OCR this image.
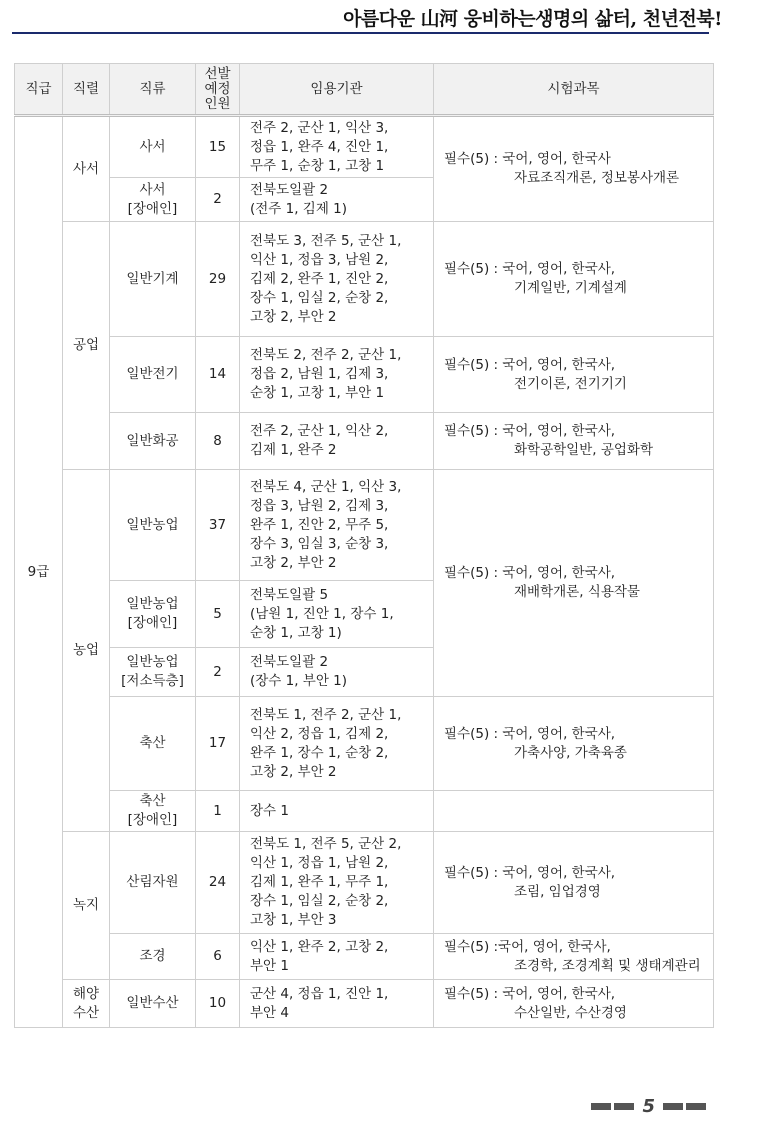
아름다운 山河 웅비하는생명의 삶터, 천년전북!
직급	직렬	직류	선발
예정
인원	임용기관	시험과목
9급	사서	사서	15	전주 2, 군산 1, 익산 3,
정읍 1, 완주 4, 진안 1,
무주 1, 순창 1, 고창 1	필수(5) : 국어, 영어, 한국사
자료조직개론, 정보봉사개론

		사서
[장애인]	2	전북도일괄 2
(전주 1, 김제 1)	
	공업	일반기계	29	전북도 3, 전주 5, 군산 1,
익산 1, 정읍 3, 남원 2,
김제 2, 완주 1, 진안 2,
장수 1, 임실 2, 순창 2,
고창 2, 부안 2	필수(5) : 국어, 영어, 한국사,
기계일반, 기계설계

		일반전기	14	전북도 2, 전주 2, 군산 1,
정읍 2, 남원 1, 김제 3,
순창 1, 고창 1, 부안 1	필수(5) : 국어, 영어, 한국사,
전기이론, 전기기기

		일반화공	8	전주 2, 군산 1, 익산 2,
김제 1, 완주 2	필수(5) : 국어, 영어, 한국사,
화학공학일반, 공업화학

	농업	일반농업	37	전북도 4, 군산 1, 익산 3,
정읍 3, 남원 2, 김제 3,
완주 1, 진안 2, 무주 5,
장수 3, 임실 3, 순창 3,
고창 2, 부안 2	필수(5) : 국어, 영어, 한국사,
재배학개론, 식용작물

		일반농업
[장애인]	5	전북도일괄 5
(남원 1, 진안 1, 장수 1,
순창 1, 고창 1)	
		일반농업
[저소득층]	2	전북도일괄 2
(장수 1, 부안 1)	
		축산	17	전북도 1, 전주 2, 군산 1,
익산 2, 정읍 1, 김제 2,
완주 1, 장수 1, 순창 2,
고창 2, 부안 2	필수(5) : 국어, 영어, 한국사,
가축사양, 가축육종

		축산
[장애인]	1	장수 1	
	녹지	산림자원	24	전북도 1, 전주 5, 군산 2,
익산 1, 정읍 1, 남원 2,
김제 1, 완주 1, 무주 1,
장수 1, 임실 2, 순창 2,
고창 1, 부안 3	필수(5) : 국어, 영어, 한국사,
조림, 임업경영

		조경	6	익산 1, 완주 2, 고창 2,
부안 1	필수(5) :국어, 영어, 한국사,
조경학, 조경계획 및 생태계관리

	해양
수산	일반수산	10	군산 4, 정읍 1, 진안 1,
부안 4	필수(5) : 국어, 영어, 한국사,
수산일반, 수산경영
5
